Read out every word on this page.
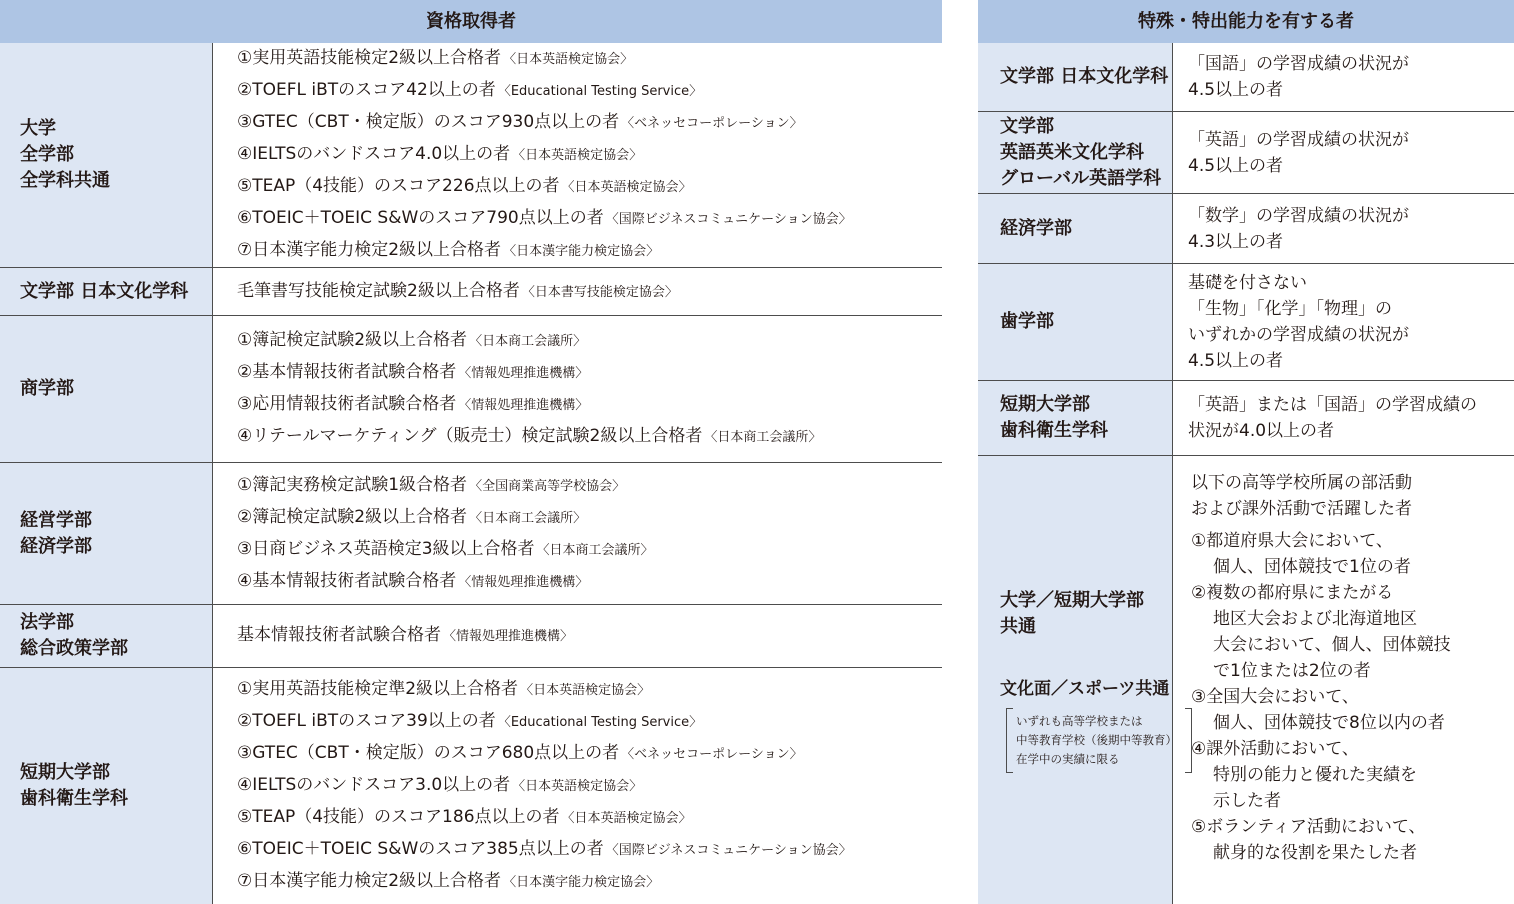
資格取得者
大学
全学部
全学科共通
①実用英語技能検定2級以上合格者 〈日本英語検定協会〉
②TOEFL iBTのスコア42以上の者 〈Educational Testing Service〉
③GTEC（CBT・検定版）のスコア930点以上の者 〈ベネッセコーポレーション〉
④IELTSのバンドスコア4.0以上の者 〈日本英語検定協会〉
⑤TEAP（4技能）のスコア226点以上の者 〈日本英語検定協会〉
⑥TOEIC＋TOEIC S&Wのスコア790点以上の者 〈国際ビジネスコミュニケーション協会〉
⑦日本漢字能力検定2級以上合格者 〈日本漢字能力検定協会〉
文学部 日本文化学科	毛筆書写技能検定試験2級以上合格者 〈日本書写技能検定協会〉
商学部
①簿記検定試験2級以上合格者 〈日本商工会議所〉
②基本情報技術者試験合格者 〈情報処理推進機構〉
③応用情報技術者試験合格者 〈情報処理推進機構〉
④リテールマーケティング（販売士）検定試験2級以上合格者 〈日本商工会議所〉
経営学部
経済学部
①簿記実務検定試験1級合格者 〈全国商業高等学校協会〉
②簿記検定試験2級以上合格者 〈日本商工会議所〉
③日商ビジネス英語検定3級以上合格者 〈日本商工会議所〉
④基本情報技術者試験合格者 〈情報処理推進機構〉
法学部
総合政策学部
基本情報技術者試験合格者 〈情報処理推進機構〉
短期大学部
歯科衛生学科
①実用英語技能検定準2級以上合格者 〈日本英語検定協会〉
②TOEFL iBTのスコア39以上の者 〈Educational Testing Service〉
③GTEC（CBT・検定版）のスコア680点以上の者 〈ベネッセコーポレーション〉
④IELTSのバンドスコア3.0以上の者 〈日本英語検定協会〉
⑤TEAP（4技能）のスコア186点以上の者 〈日本英語検定協会〉
⑥TOEIC＋TOEIC S&Wのスコア385点以上の者 〈国際ビジネスコミュニケーション協会〉
⑦日本漢字能力検定2級以上合格者 〈日本漢字能力検定協会〉
特殊・特出能力を有する者
文学部 日本文化学科
「国語」の学習成績の状況が
4.5以上の者
文学部
英語英米文化学科
グローバル英語学科
「英語」の学習成績の状況が
4.5以上の者
経済学部
「数学」の学習成績の状況が
4.3以上の者
歯学部
基礎を付さない
「生物」「化学」「物理」の
いずれかの学習成績の状況が
4.5以上の者
短期大学部
歯科衛生学科
「英語」または「国語」の学習成績の
状況が4.0以上の者
大学／短期大学部
共通
文化面／スポーツ共通
いずれも高等学校または
中等教育学校（後期中等教育）
在学中の実績に限る
以下の高等学校所属の部活動
および課外活動で活躍した者
①都道府県大会において、
個人、団体競技で1位の者
②複数の都府県にまたがる
地区大会および北海道地区
大会において、個人、団体競技
で1位または2位の者
③全国大会において、
個人、団体競技で8位以内の者
④課外活動において、
特別の能力と優れた実績を
示した者
⑤ボランティア活動において、
献身的な役割を果たした者
